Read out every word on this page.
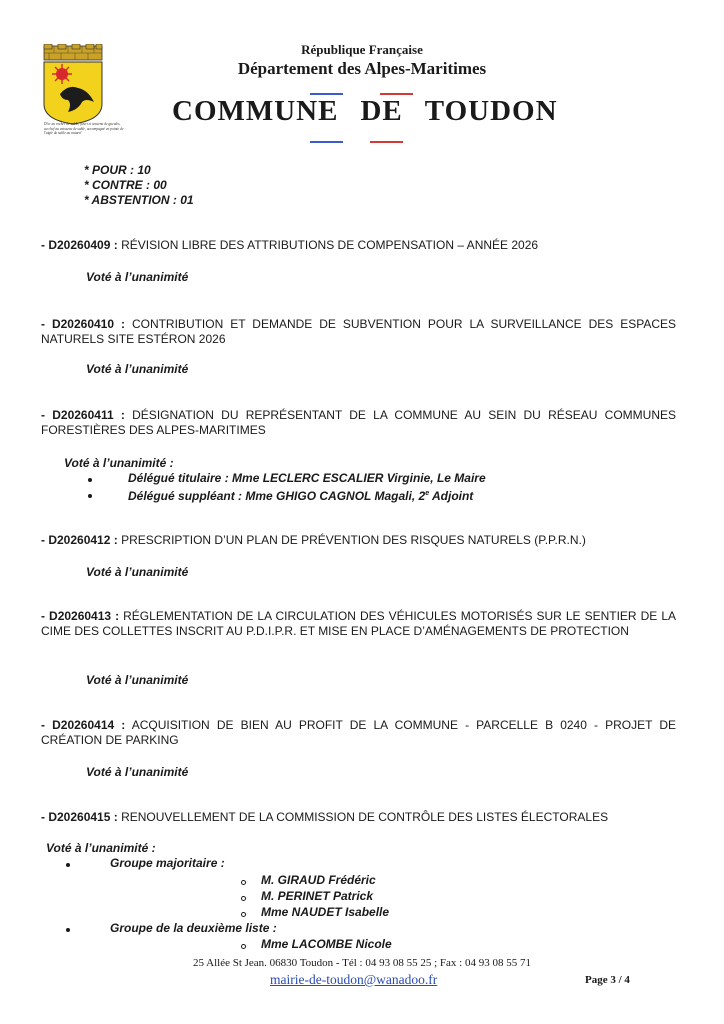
D'or au rocher de sable, fleuri et soutenu de gueules, au chef au vaisseau de sable, accompagné en pointe de l'aigle de sable au naturel
République Française
Département des Alpes-Maritimes
COMMUNE DE TOUDON
* POUR : 10
* CONTRE : 00
* ABSTENTION : 01
- D20260409 : RÉVISION LIBRE DES ATTRIBUTIONS DE COMPENSATION – ANNÉE 2026
Voté à l’unanimité
- D20260410 : CONTRIBUTION ET DEMANDE DE SUBVENTION POUR LA SURVEILLANCE DES ESPACES NATURELS SITE ESTÉRON 2026
Voté à l’unanimité
- D20260411 : DÉSIGNATION DU REPRÉSENTANT DE LA COMMUNE AU SEIN DU RÉSEAU COMMUNES FORESTIÈRES DES ALPES-MARITIMES
Voté à l’unanimité :
Délégué titulaire : Mme LECLERC ESCALIER Virginie, Le Maire
Délégué suppléant : Mme GHIGO CAGNOL Magali, 2e Adjoint
- D20260412 : PRESCRIPTION D’UN PLAN DE PRÉVENTION DES RISQUES NATURELS (P.P.R.N.)
Voté à l’unanimité
- D20260413 : RÉGLEMENTATION DE LA CIRCULATION DES VÉHICULES MOTORISÉS SUR LE SENTIER DE LA CIME DES COLLETTES INSCRIT AU P.D.I.P.R. ET MISE EN PLACE D’AMÉNAGEMENTS DE PROTECTION
Voté à l’unanimité
- D20260414 : ACQUISITION DE BIEN AU PROFIT DE LA COMMUNE - PARCELLE B 0240 - PROJET DE CRÉATION DE PARKING
Voté à l’unanimité
- D20260415 : RENOUVELLEMENT DE LA COMMISSION DE CONTRÔLE DES LISTES ÉLECTORALES
Voté à l’unanimité :
Groupe majoritaire :
M. GIRAUD Frédéric
M. PERINET Patrick
Mme NAUDET Isabelle
Groupe de la deuxième liste :
Mme LACOMBE Nicole
25 Allée St Jean. 06830 Toudon - Tél : 04 93 08 55 25 ; Fax : 04 93 08 55 71
mairie-de-toudon@wanadoo.fr	Page 3 / 4
